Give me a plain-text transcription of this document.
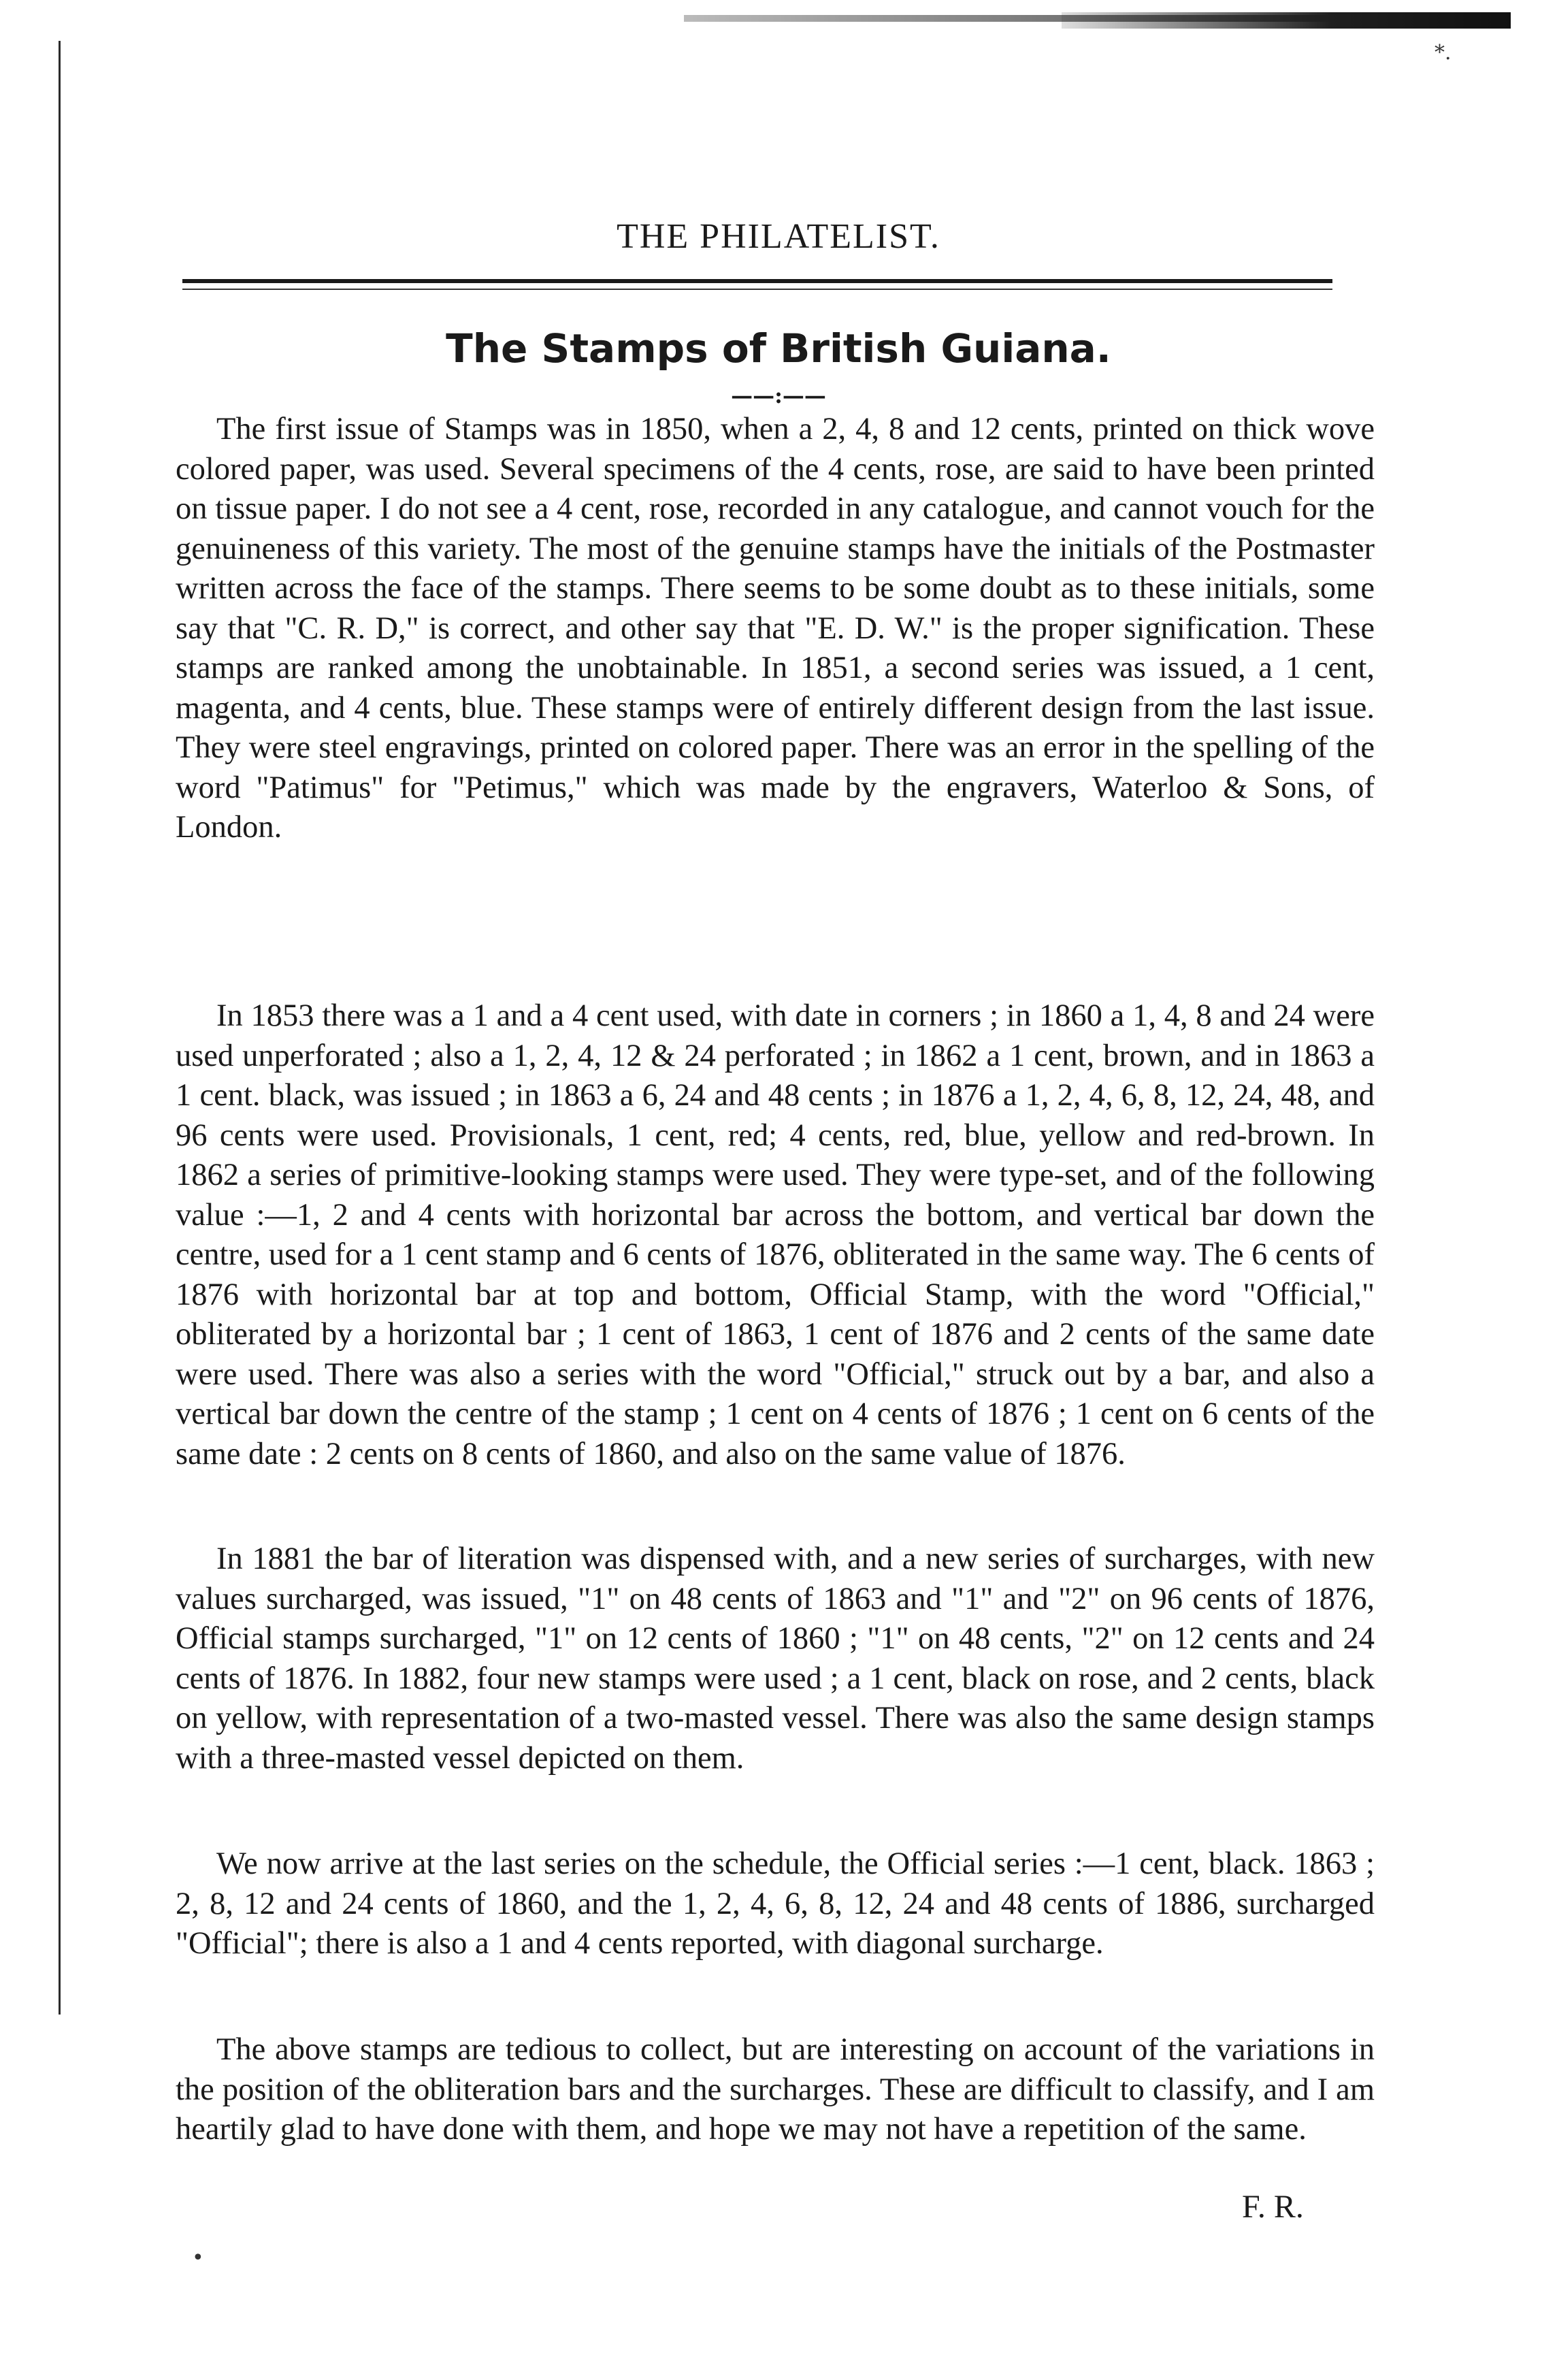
*.
THE PHILATELIST.
The Stamps of British Guiana.
——:——

The first issue of Stamps was in 1850, when a 2, 4, 8 and 12 cents, printed on thick wove colored paper, was used. Several specimens of the 4 cents, rose, are said to have been printed on tissue paper. I do not see a 4 cent, rose, recorded in any catalogue, and cannot vouch for the genuineness of this variety. The most of the genuine stamps have the initials of the Postmaster written across the face of the stamps. There seems to be some doubt as to these initials, some say that "C. R. D," is correct, and other say that "E. D. W." is the proper signification. These stamps are ranked among the unobtainable. In 1851, a second series was issued, a 1 cent, magenta, and 4 cents, blue. These stamps were of entirely different design from the last issue. They were steel engravings, printed on colored paper. There was an error in the spelling of the word "Patimus" for "Petimus," which was made by the engravers, Waterloo & Sons, of London.

In 1853 there was a 1 and a 4 cent used, with date in corners ; in 1860 a 1, 4, 8 and 24 were used unperforated ; also a 1, 2, 4, 12 & 24 perforated ; in 1862 a 1 cent, brown, and in 1863 a 1 cent. black, was issued ; in 1863 a 6, 24 and 48 cents ; in 1876 a 1, 2, 4, 6, 8, 12, 24, 48, and 96 cents were used. Provisionals, 1 cent, red; 4 cents, red, blue, yellow and red-brown. In 1862 a series of primitive-looking stamps were used. They were type-set, and of the following value :—1, 2 and 4 cents with horizontal bar across the bottom, and vertical bar down the centre, used for a 1 cent stamp and 6 cents of 1876, obliterated in the same way. The 6 cents of 1876 with horizontal bar at top and bottom, Official Stamp, with the word "Official," obliterated by a horizontal bar ; 1 cent of 1863, 1 cent of 1876 and 2 cents of the same date were used. There was also a series with the word "Official," struck out by a bar, and also a vertical bar down the centre of the stamp ; 1 cent on 4 cents of 1876 ; 1 cent on 6 cents of the same date : 2 cents on 8 cents of 1860, and also on the same value of 1876.

In 1881 the bar of literation was dispensed with, and a new series of surcharges, with new values surcharged, was issued, "1" on 48 cents of 1863 and "1" and "2" on 96 cents of 1876, Official stamps surcharged, "1" on 12 cents of 1860 ; "1" on 48 cents, "2" on 12 cents and 24 cents of 1876. In 1882, four new stamps were used ; a 1 cent, black on rose, and 2 cents, black on yellow, with representation of a two-masted vessel. There was also the same design stamps with a three-masted vessel depicted on them.

We now arrive at the last series on the schedule, the Official series :—1 cent, black. 1863 ; 2, 8, 12 and 24 cents of 1860, and the 1, 2, 4, 6, 8, 12, 24 and 48 cents of 1886, surcharged "Official"; there is also a 1 and 4 cents reported, with diagonal surcharge.

The above stamps are tedious to collect, but are interesting on account of the variations in the position of the obliteration bars and the surcharges. These are difficult to classify, and I am heartily glad to have done with them, and hope we may not have a repetition of the same.

F. R.
•
